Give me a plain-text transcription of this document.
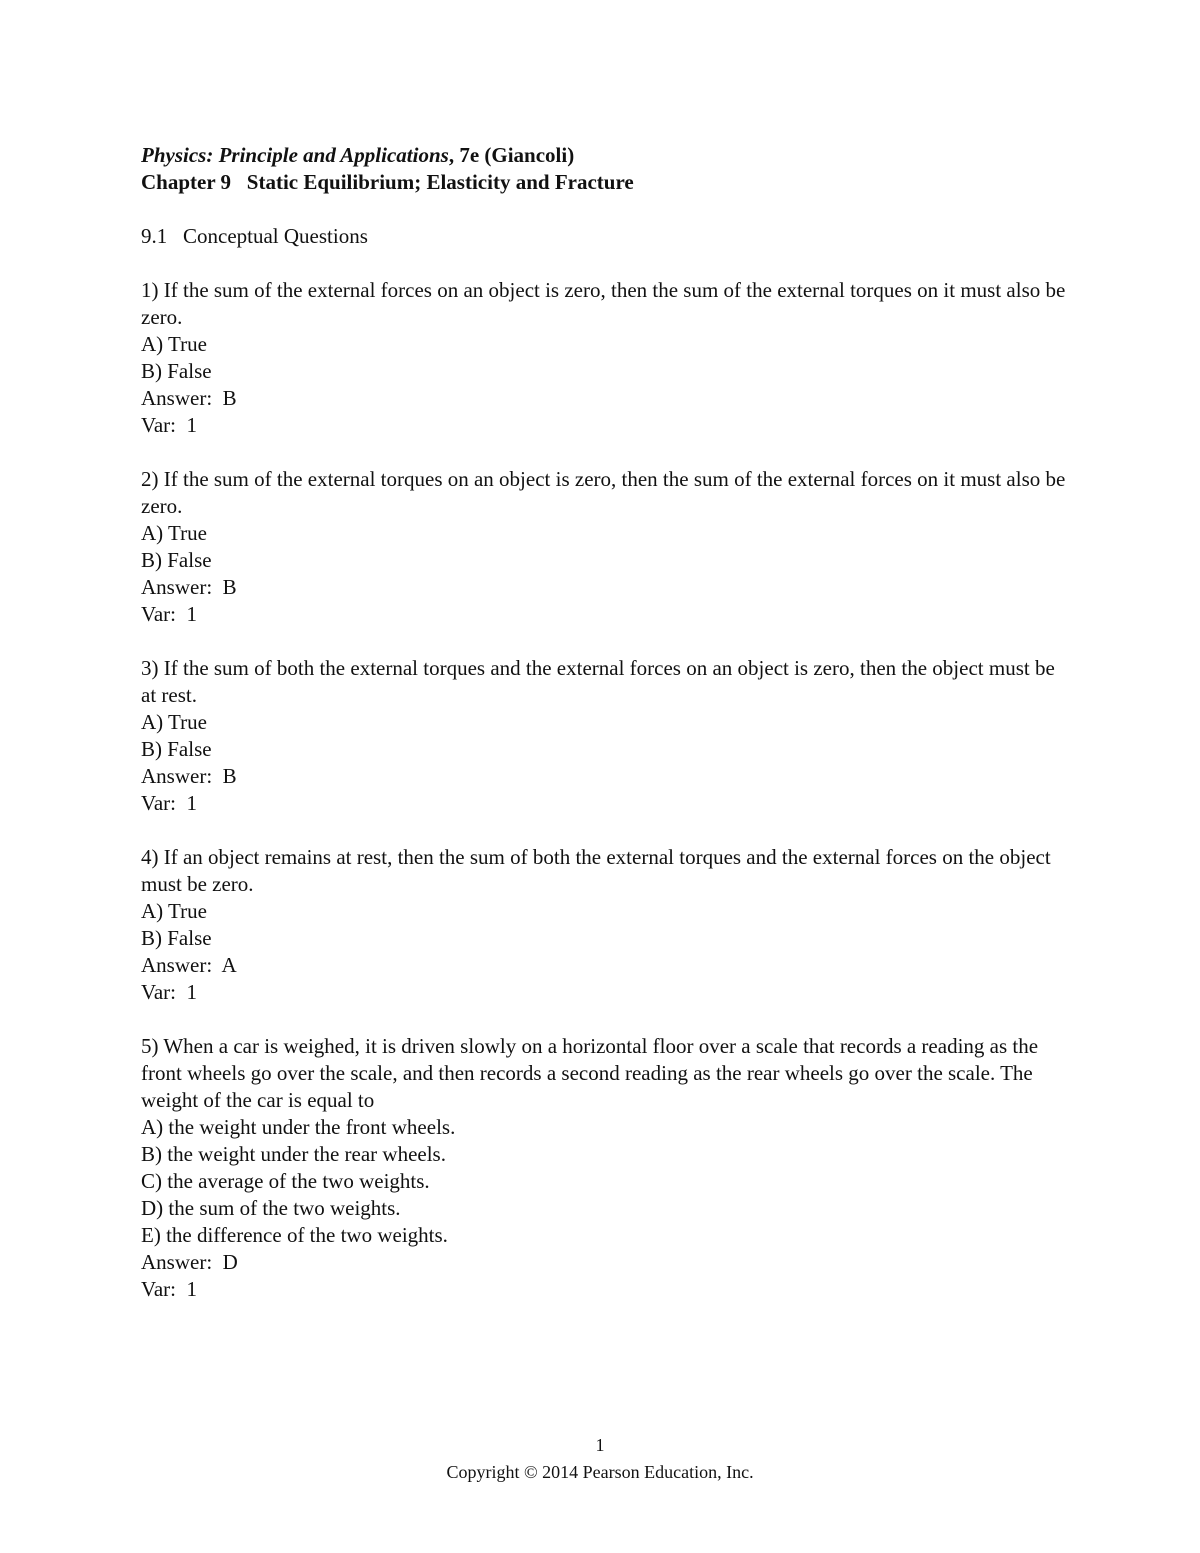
Physics: Principle and Applications, 7e (Giancoli)
Chapter 9   Static Equilibrium; Elasticity and Fracture
9.1   Conceptual Questions
1) If the sum of the external forces on an object is zero, then the sum of the external torques on it must also be zero.
A) True
B) False
Answer:  B
Var:  1
2) If the sum of the external torques on an object is zero, then the sum of the external forces on it must also be zero.
A) True
B) False
Answer:  B
Var:  1
3) If the sum of both the external torques and the external forces on an object is zero, then the object must be at rest.
A) True
B) False
Answer:  B
Var:  1
4) If an object remains at rest, then the sum of both the external torques and the external forces on the object must be zero.
A) True
B) False
Answer:  A
Var:  1
5) When a car is weighed, it is driven slowly on a horizontal floor over a scale that records a reading as the front wheels go over the scale, and then records a second reading as the rear wheels go over the scale. The weight of the car is equal to
A) the weight under the front wheels.
B) the weight under the rear wheels.
C) the average of the two weights.
D) the sum of the two weights.
E) the difference of the two weights.
Answer:  D
Var:  1
1
Copyright © 2014 Pearson Education, Inc.
